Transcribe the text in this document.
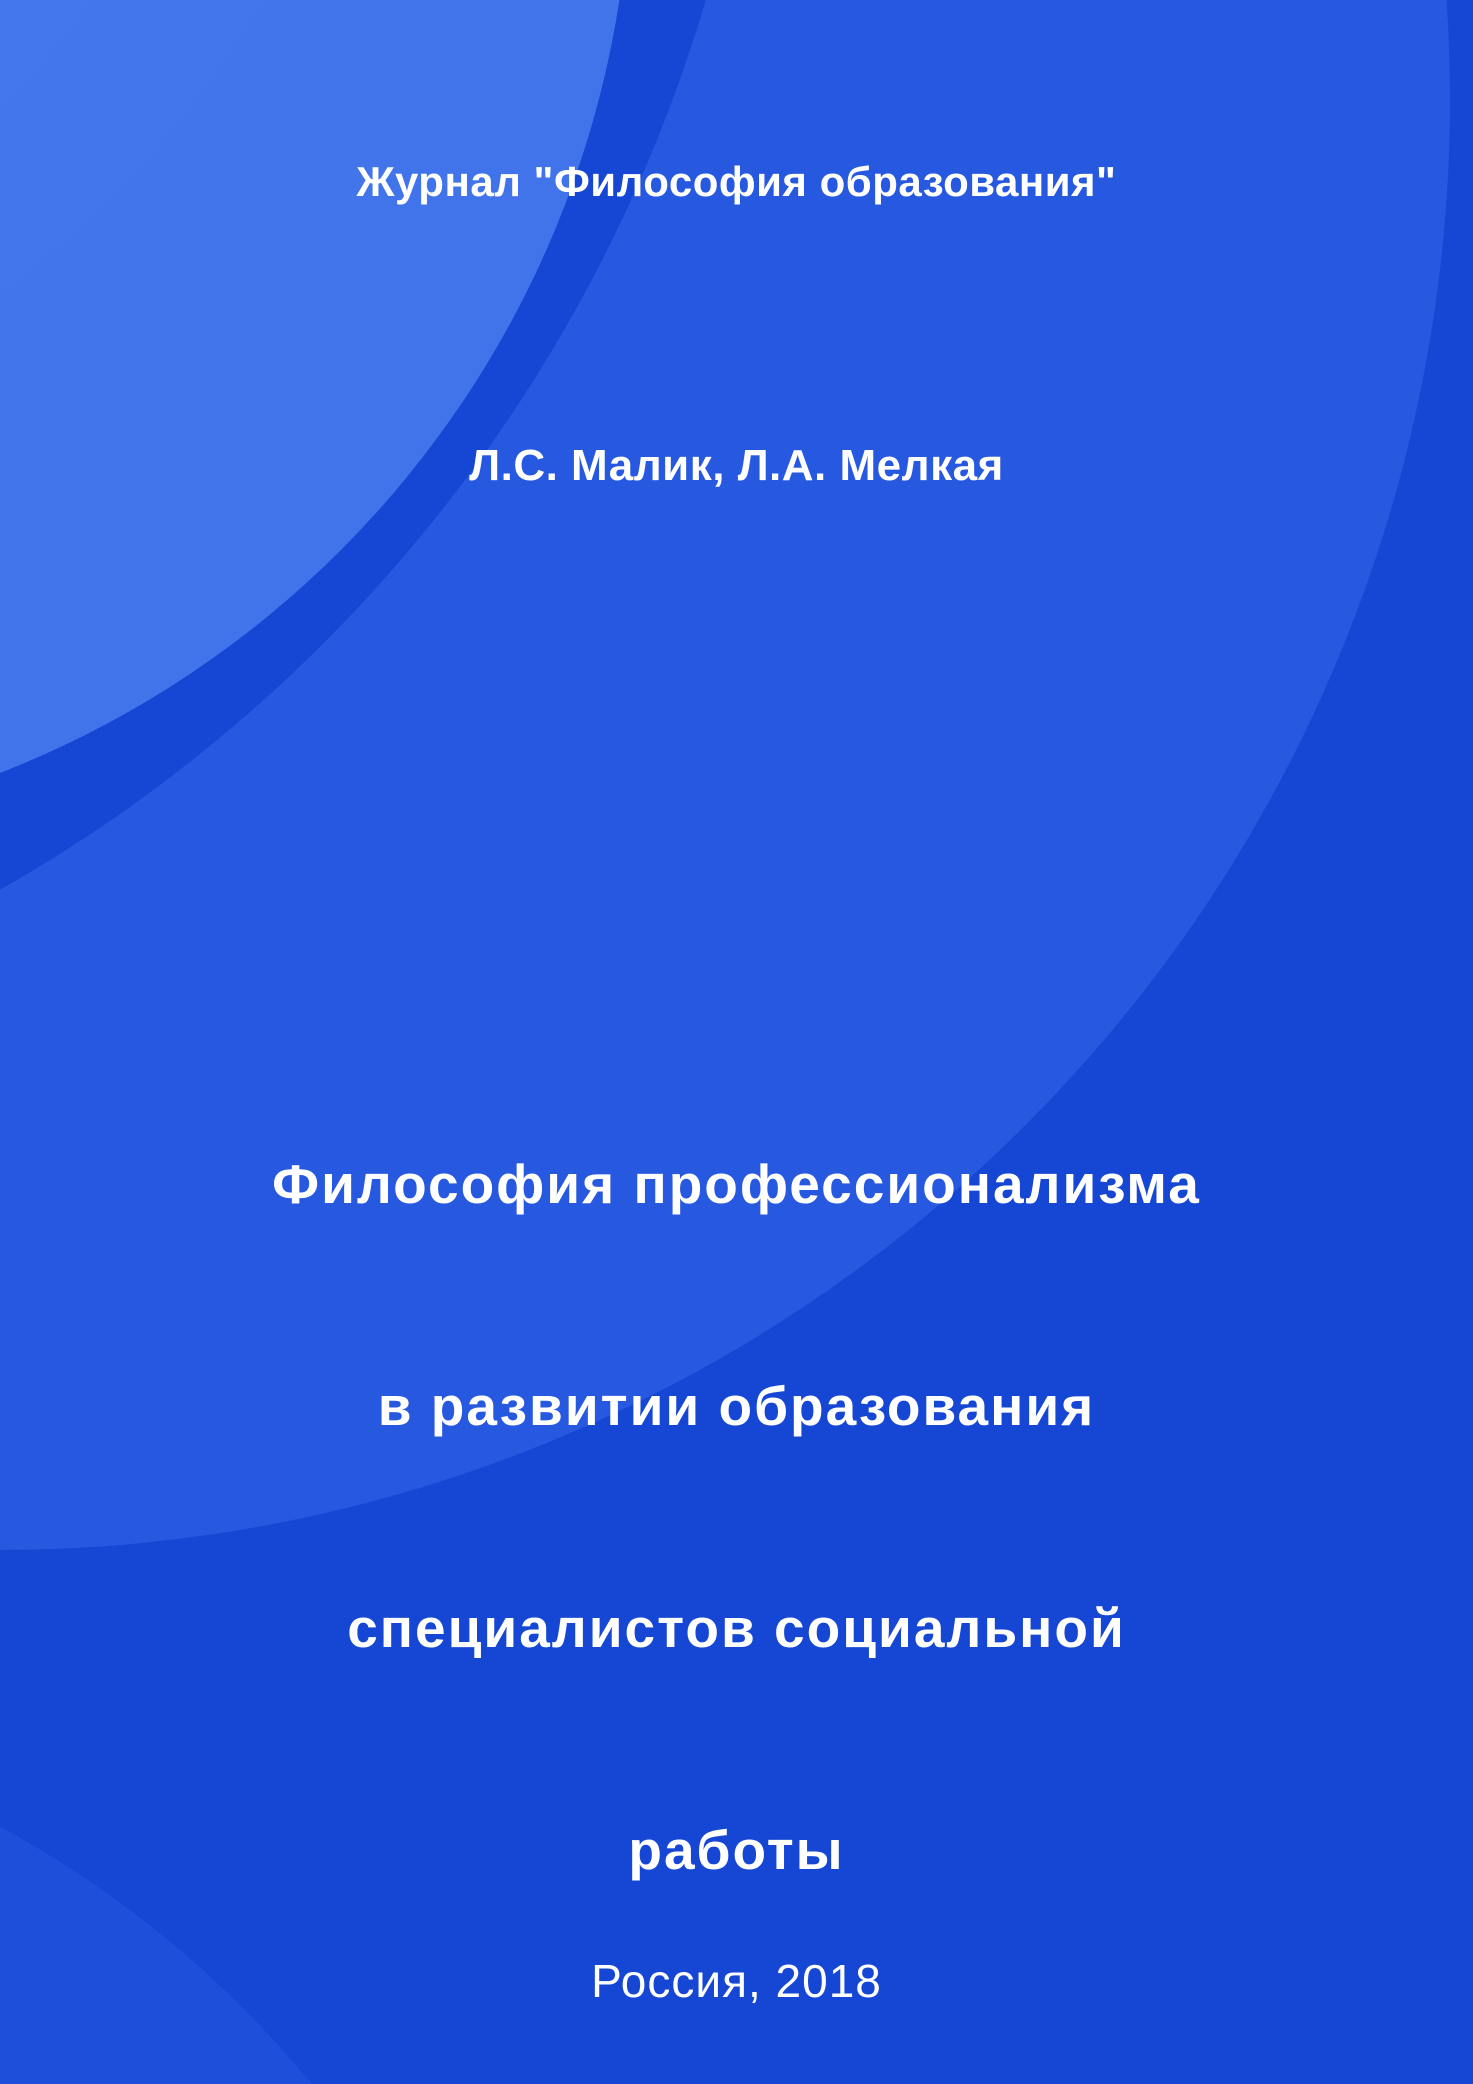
Журнал "Философия образования"
Л.С. Малик, Л.А. Мелкая

Философия профессионализма

в развитии образования

специалистов социальной

работы

Россия, 2018
